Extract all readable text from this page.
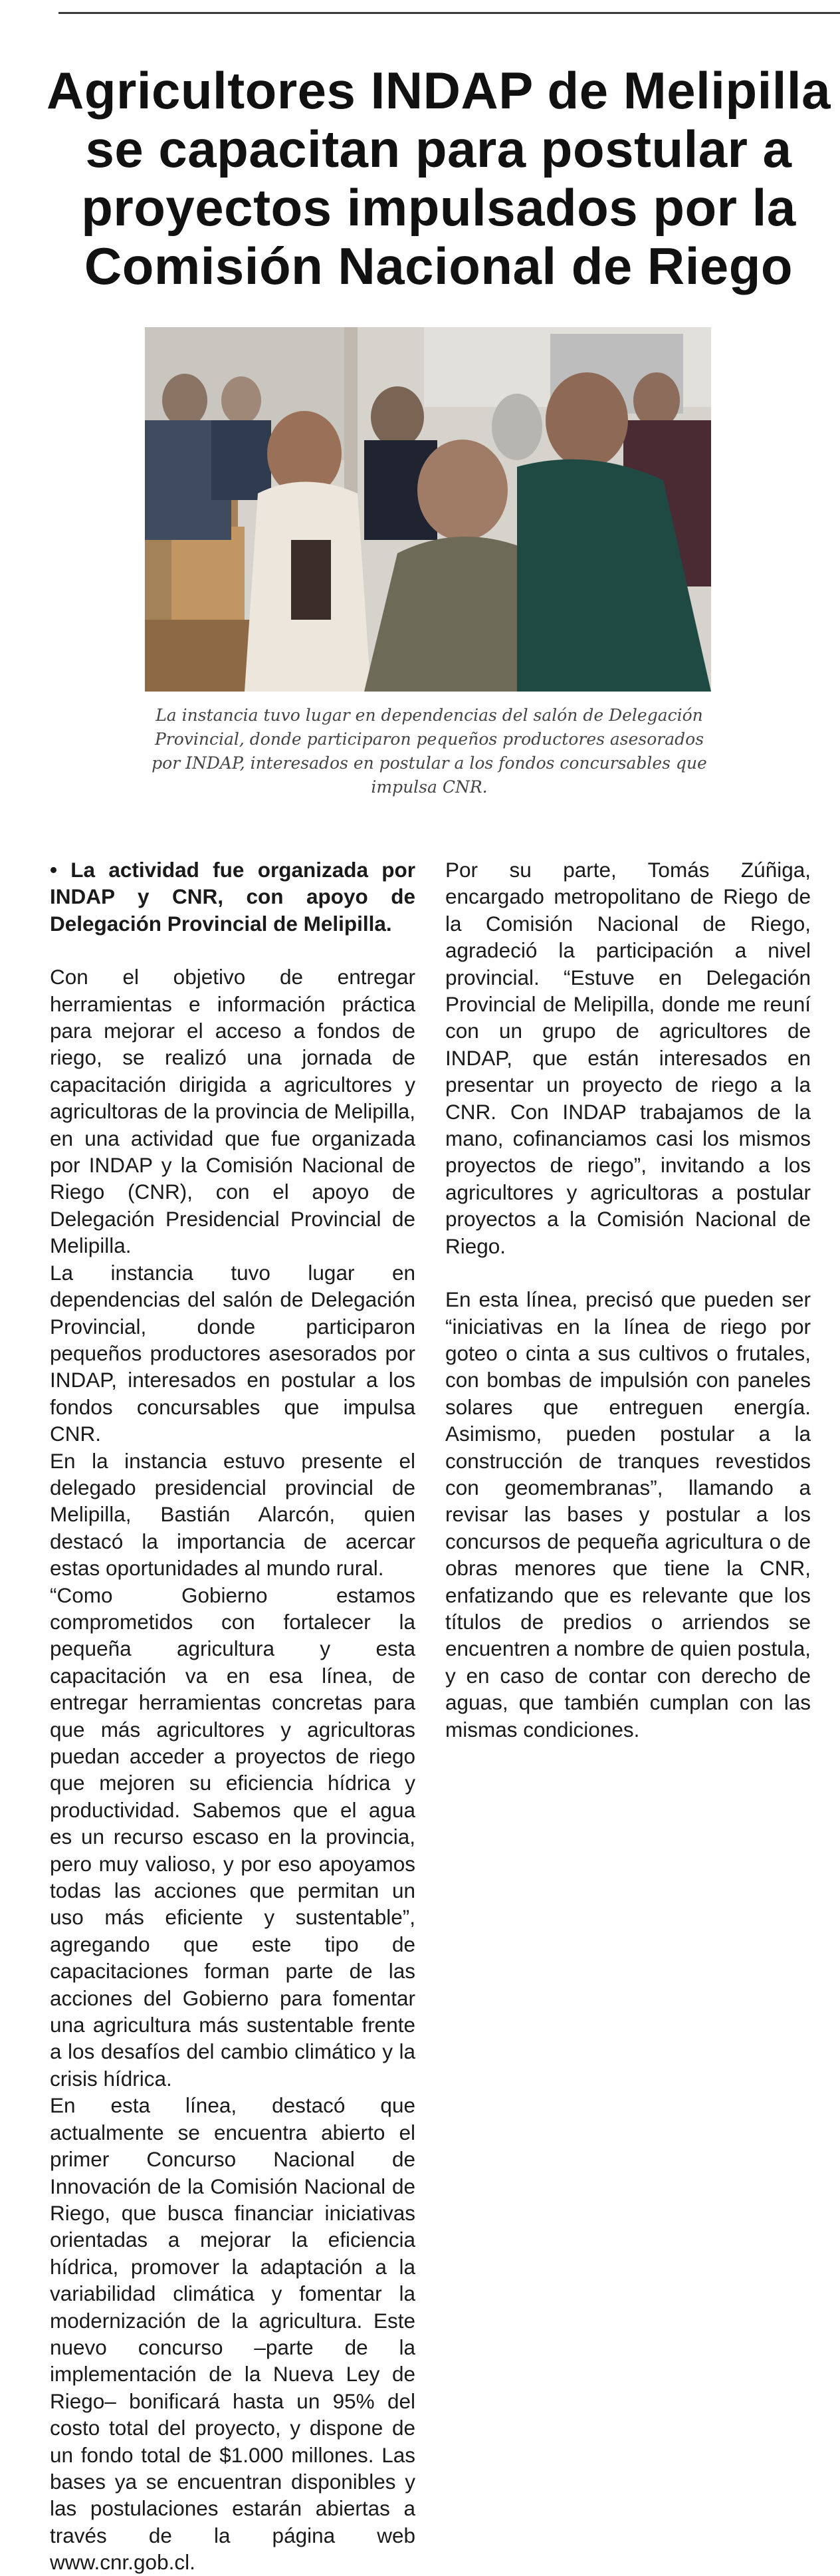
Agricultores INDAP de Melipilla se capacitan para postular a proyectos impulsados por la Comisión Nacional de Riego
La instancia tuvo lugar en dependencias del salón de Delegación Provincial, donde participaron pequeños productores asesorados por INDAP, interesados en postular a los fondos concursables que impulsa CNR.

• La actividad fue organizada por INDAP y CNR, con apoyo de Delegación Provincial de Melipilla.

Con el objetivo de entregar herramientas e información práctica para mejorar el acceso a fondos de riego, se realizó una jornada de capacitación dirigida a agricultores y agricultoras de la provincia de Melipilla, en una actividad que fue organizada por INDAP y la Comisión Nacional de Riego (CNR), con el apoyo de Delegación Presidencial Provincial de Melipilla.

La instancia tuvo lugar en dependencias del salón de Delegación Provincial, donde participaron pequeños productores asesorados por INDAP, interesados en postular a los fondos concursables que impulsa CNR.

En la instancia estuvo presente el delegado presidencial provincial de Melipilla, Bastián Alarcón, quien destacó la importancia de acercar estas oportunidades al mundo rural.

“Como Gobierno estamos comprometidos con fortalecer la pequeña agricultura y esta capacitación va en esa línea, de entregar herramientas concretas para que más agricultores y agricultoras puedan acceder a proyectos de riego que mejoren su eficiencia hídrica y productividad. Sabemos que el agua es un recurso escaso en la provincia, pero muy valioso, y por eso apoyamos todas las acciones que permitan un uso más eficiente y sustentable”, agregando que este tipo de capacitaciones forman parte de las acciones del Gobierno para fomentar una agricultura más sustentable frente a los desafíos del cambio climático y la crisis hídrica.

En esta línea, destacó que actualmente se encuentra abierto el primer Concurso Nacional de Innovación de la Comisión Nacional de Riego, que busca financiar iniciativas orientadas a mejorar la eficiencia hídrica, promover la adaptación a la variabilidad climática y fomentar la modernización de la agricultura. Este nuevo concurso –parte de la implementación de la Nueva Ley de Riego– bonificará hasta un 95% del costo total del proyecto, y dispone de un fondo total de $1.000 millones. Las bases ya se encuentran disponibles y las postulaciones estarán abiertas a través de la página web www.cnr.gob.cl.

Por su parte, Tomás Zúñiga, encargado metropolitano de Riego de la Comisión Nacional de Riego, agradeció la participación a nivel provincial. “Estuve en Delegación Provincial de Melipilla, donde me reuní con un grupo de agricultores de INDAP, que están interesados en presentar un proyecto de riego a la CNR. Con INDAP trabajamos de la mano, cofinanciamos casi los mismos proyectos de riego”, invitando a los agricultores y agricultoras a postular proyectos a la Comisión Nacional de Riego.

En esta línea, precisó que pueden ser “iniciativas en la línea de riego por goteo o cinta a sus cultivos o frutales, con bombas de impulsión con paneles solares que entreguen energía. Asimismo, pueden postular a la construcción de tranques revestidos con geomembranas”, llamando a revisar las bases y postular a los concursos de pequeña agricultura o de obras menores que tiene la CNR, enfatizando que es relevante que los títulos de predios o arriendos se encuentren a nombre de quien postula, y en caso de contar con derecho de aguas, que también cumplan con las mismas condiciones.
